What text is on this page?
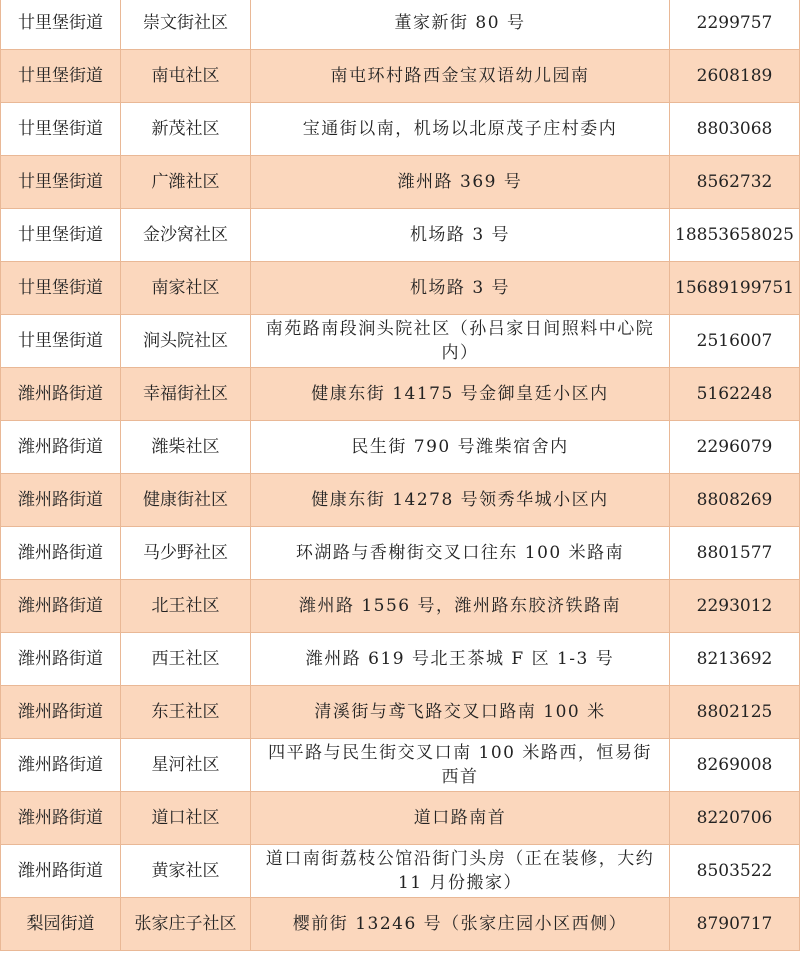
廿里堡街道	崇文街社区	董家新街 80 号	2299757
廿里堡街道	南屯社区	南屯环村路西金宝双语幼儿园南	2608189
廿里堡街道	新茂社区	宝通街以南，机场以北原茂子庄村委内	8803068
廿里堡街道	广潍社区	潍州路 369 号	8562732
廿里堡街道	金沙窝社区	机场路 3 号	18853658025
廿里堡街道	南家社区	机场路 3 号	15689199751
廿里堡街道	涧头院社区	南苑路南段涧头院社区（孙吕家日间照料中心院内）	2516007
潍州路街道	幸福街社区	健康东街 14175 号金御皇廷小区内	5162248
潍州路街道	潍柴社区	民生街 790 号潍柴宿舍内	2296079
潍州路街道	健康街社区	健康东街 14278 号领秀华城小区内	8808269
潍州路街道	马少野社区	环湖路与香榭街交叉口往东 100 米路南	8801577
潍州路街道	北王社区	潍州路 1556 号，潍州路东胶济铁路南	2293012
潍州路街道	西王社区	潍州路 619 号北王茶城 F 区 1-3 号	8213692
潍州路街道	东王社区	清溪街与鸢飞路交叉口路南 100 米	8802125
潍州路街道	星河社区	四平路与民生街交叉口南 100 米路西，恒易街西首	8269008
潍州路街道	道口社区	道口路南首	8220706
潍州路街道	黄家社区	道口南街荔枝公馆沿街门头房（正在装修，大约11 月份搬家）	8503522
梨园街道	张家庄子社区	樱前街 13246 号（张家庄园小区西侧）	8790717
